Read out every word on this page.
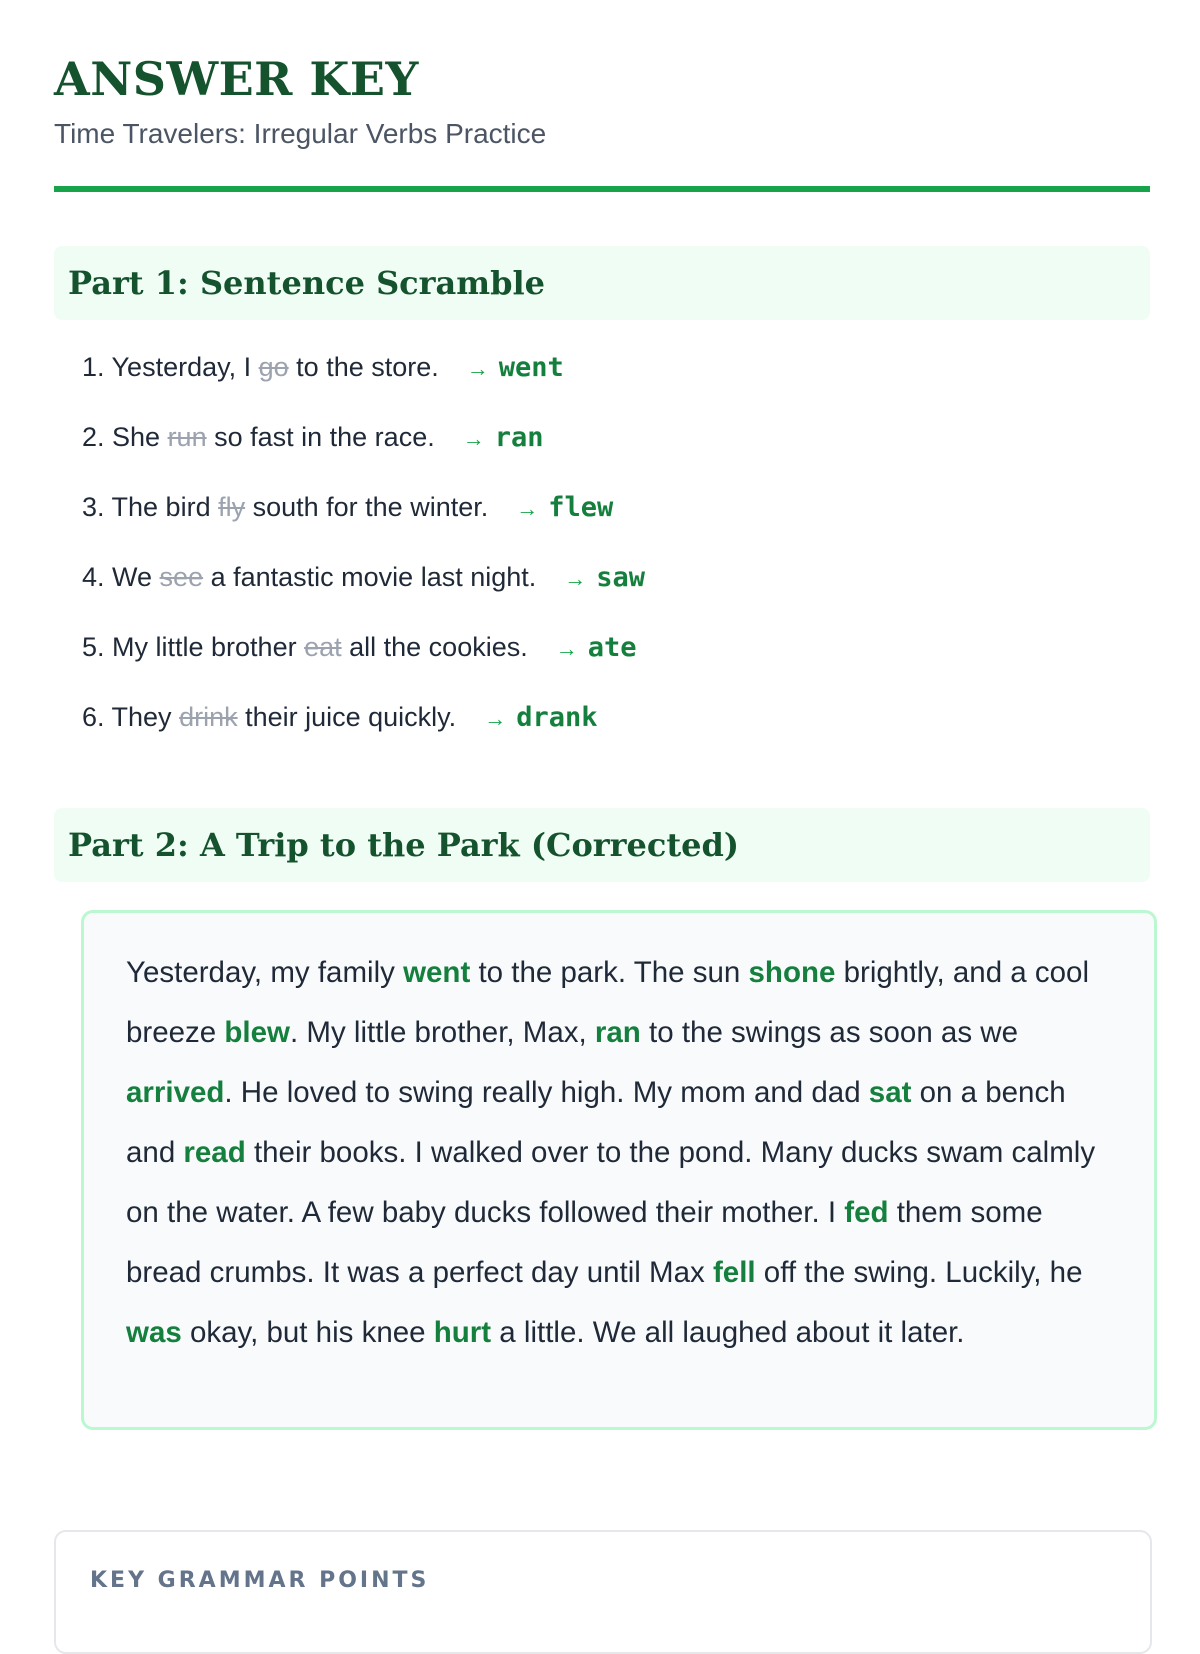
ANSWER KEY

Time Travelers: Irregular Verbs Practice

Part 1: Sentence Scramble
1. Yesterday, I go to the store. → went
2. She run so fast in the race. → ran
3. The bird fly south for the winter. → flew
4. We see a fantastic movie last night. → saw
5. My little brother eat all the cookies. → ate
6. They drink their juice quickly. → drank
Part 2: A Trip to the Park (Corrected)

Yesterday, my family went to the park. The sun shone brightly, and a cool breeze blew. My little brother, Max, ran to the swings as soon as we arrived. He loved to swing really high. My mom and dad sat on a bench and read their books. I walked over to the pond. Many ducks swam calmly on the water. A few baby ducks followed their mother. I fed them some bread crumbs. It was a perfect day until Max fell off the swing. Luckily, he was okay, but his knee hurt a little. We all laughed about it later.

KEY GRAMMAR POINTS
